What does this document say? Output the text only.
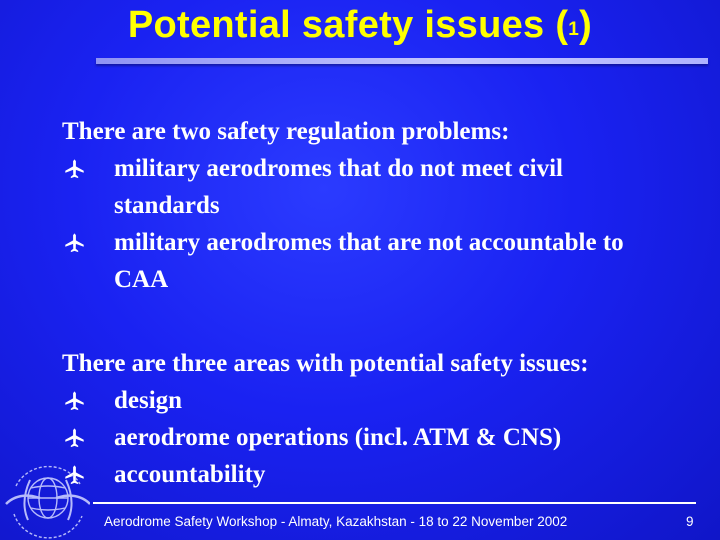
Potential safety issues (1)
There are two safety regulation problems:
military aerodromes that do not meet civil
standards
military aerodromes that are not accountable to
CAA
There are three areas with potential safety issues:
design
aerodrome operations (incl. ATM & CNS)
accountability
Aerodrome Safety Workshop - Almaty, Kazakhstan - 18 to 22 November 2002	9
